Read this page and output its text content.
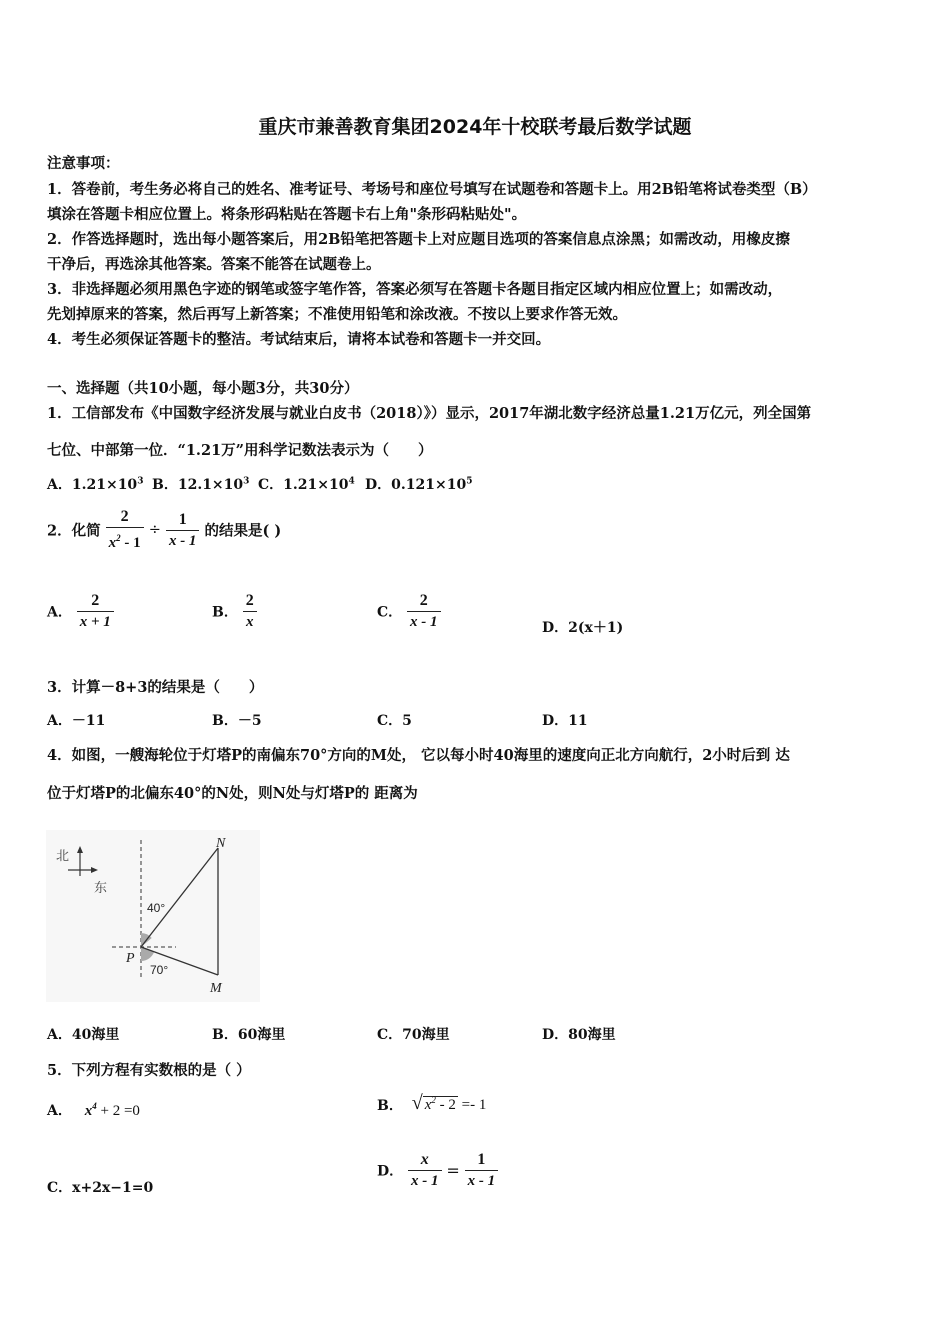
重庆市兼善教育集团2024年十校联考最后数学试题
注意事项：
1．答卷前，考生务必将自己的姓名、准考证号、考场号和座位号填写在试题卷和答题卡上。用2B铅笔将试卷类型（B）
填涂在答题卡相应位置上。将条形码粘贴在答题卡右上角"条形码粘贴处"。
2．作答选择题时，选出每小题答案后，用2B铅笔把答题卡上对应题目选项的答案信息点涂黑；如需改动，用橡皮擦
干净后，再选涂其他答案。答案不能答在试题卷上。
3．非选择题必须用黑色字迹的钢笔或签字笔作答，答案必须写在答题卡各题目指定区域内相应位置上；如需改动，
先划掉原来的答案，然后再写上新答案；不准使用铅笔和涂改液。不按以上要求作答无效。
4．考生必须保证答题卡的整洁。考试结束后，请将本试卷和答题卡一并交回。
一、选择题（共10小题，每小题3分，共30分）
1．工信部发布《中国数字经济发展与就业白皮书（2018）》）显示，2017年湖北数字经济总量1.21万亿元，列全国第
七位、中部第一位．“1.21万”用科学记数法表示为（　　）
A．$1.21\times 10^3$ B．$12.1\times 10^3$ C．$1.21\times 10^4$ D．$0.121\times 10^5$
2．化简 $\frac{2}{x^2 - 1} \div \frac{1}{x - 1}$ 的结果是( )
A． $\frac{2}{x + 1}$	B． $\frac{2}{x}$	C． $\frac{2}{x - 1}$	D．2(x＋1)
3．计算－8+3的结果是（　　）
A．－11	B．－5	C．5	D．11
4．如图，一艘海轮位于灯塔P的南偏东70°方向的M处， 它以每小时40海里的速度向正北方向航行，2小时后到 达
位于灯塔P的北偏东40°的N处，则N处与灯塔P的 距离为
北
东
N
M
P
40°
70°
A．40海里	B．60海里	C．70海里	D．80海里
5．下列方程有实数根的是（ ）
A． $x^4 + 2 =0$	B． √ $x^2 - 2 =- 1$
C．x+2x−1=0
D． $\frac{x}{x - 1} = \frac{1}{x - 1}$
